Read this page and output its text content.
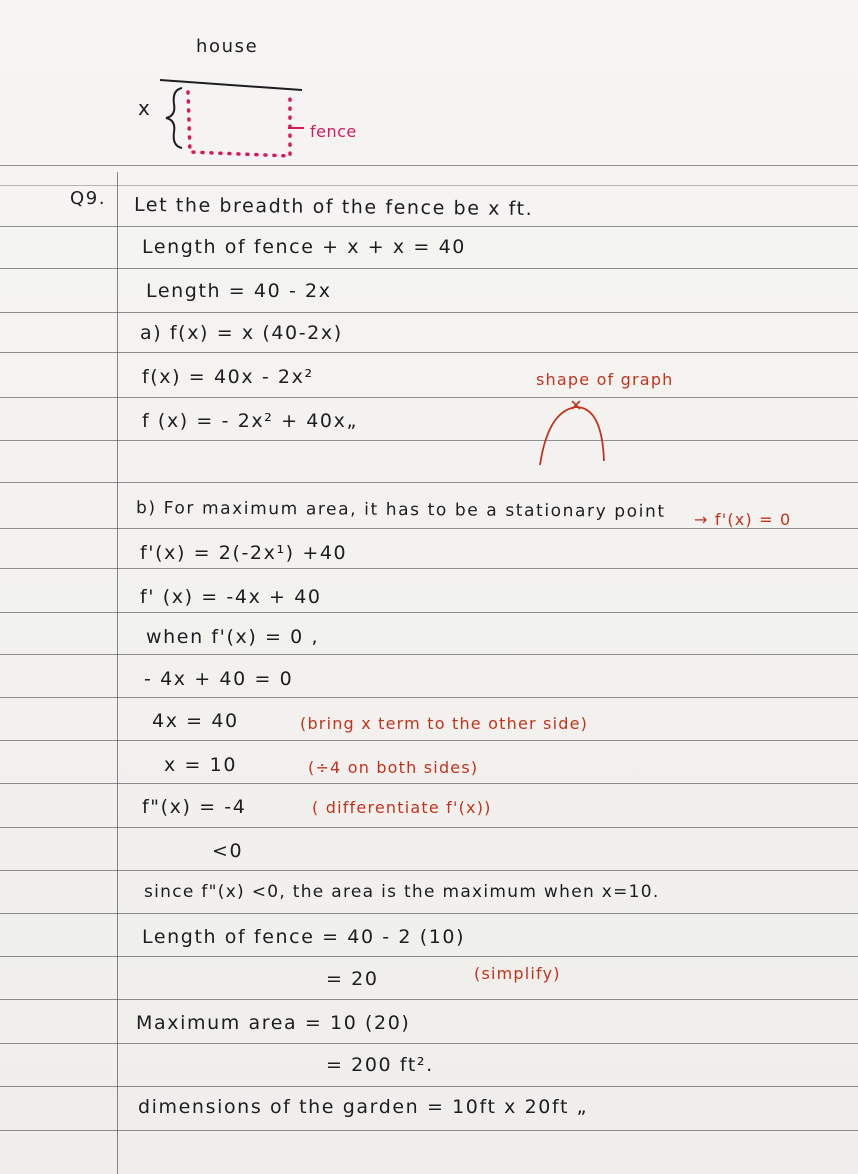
house
x
fence
Q9. Let the breadth of the fence be x ft.
Length of fence + x + x = 40
Length = 40 - 2x
a) f(x) = x (40-2x)
f(x) = 40x - 2x²
f (x) = - 2x² + 40x„
shape of graph
b) For maximum area, it has to be a stationary point → f'(x) = 0
f'(x) = 2(-2x¹) +40
f' (x) = -4x + 40
when f'(x) = 0 ,
- 4x + 40 = 0
4x = 40	(bring x term to the other side)
x = 10	(÷4 on both sides)
f"(x) = -4	( differentiate f'(x))
<0
since f"(x) <0, the area is the maximum when x=10.
Length of fence = 40 - 2 (10)
= 20	(simplify)
Maximum area = 10 (20)
= 200 ft².
dimensions of the garden = 10ft x 20ft „
